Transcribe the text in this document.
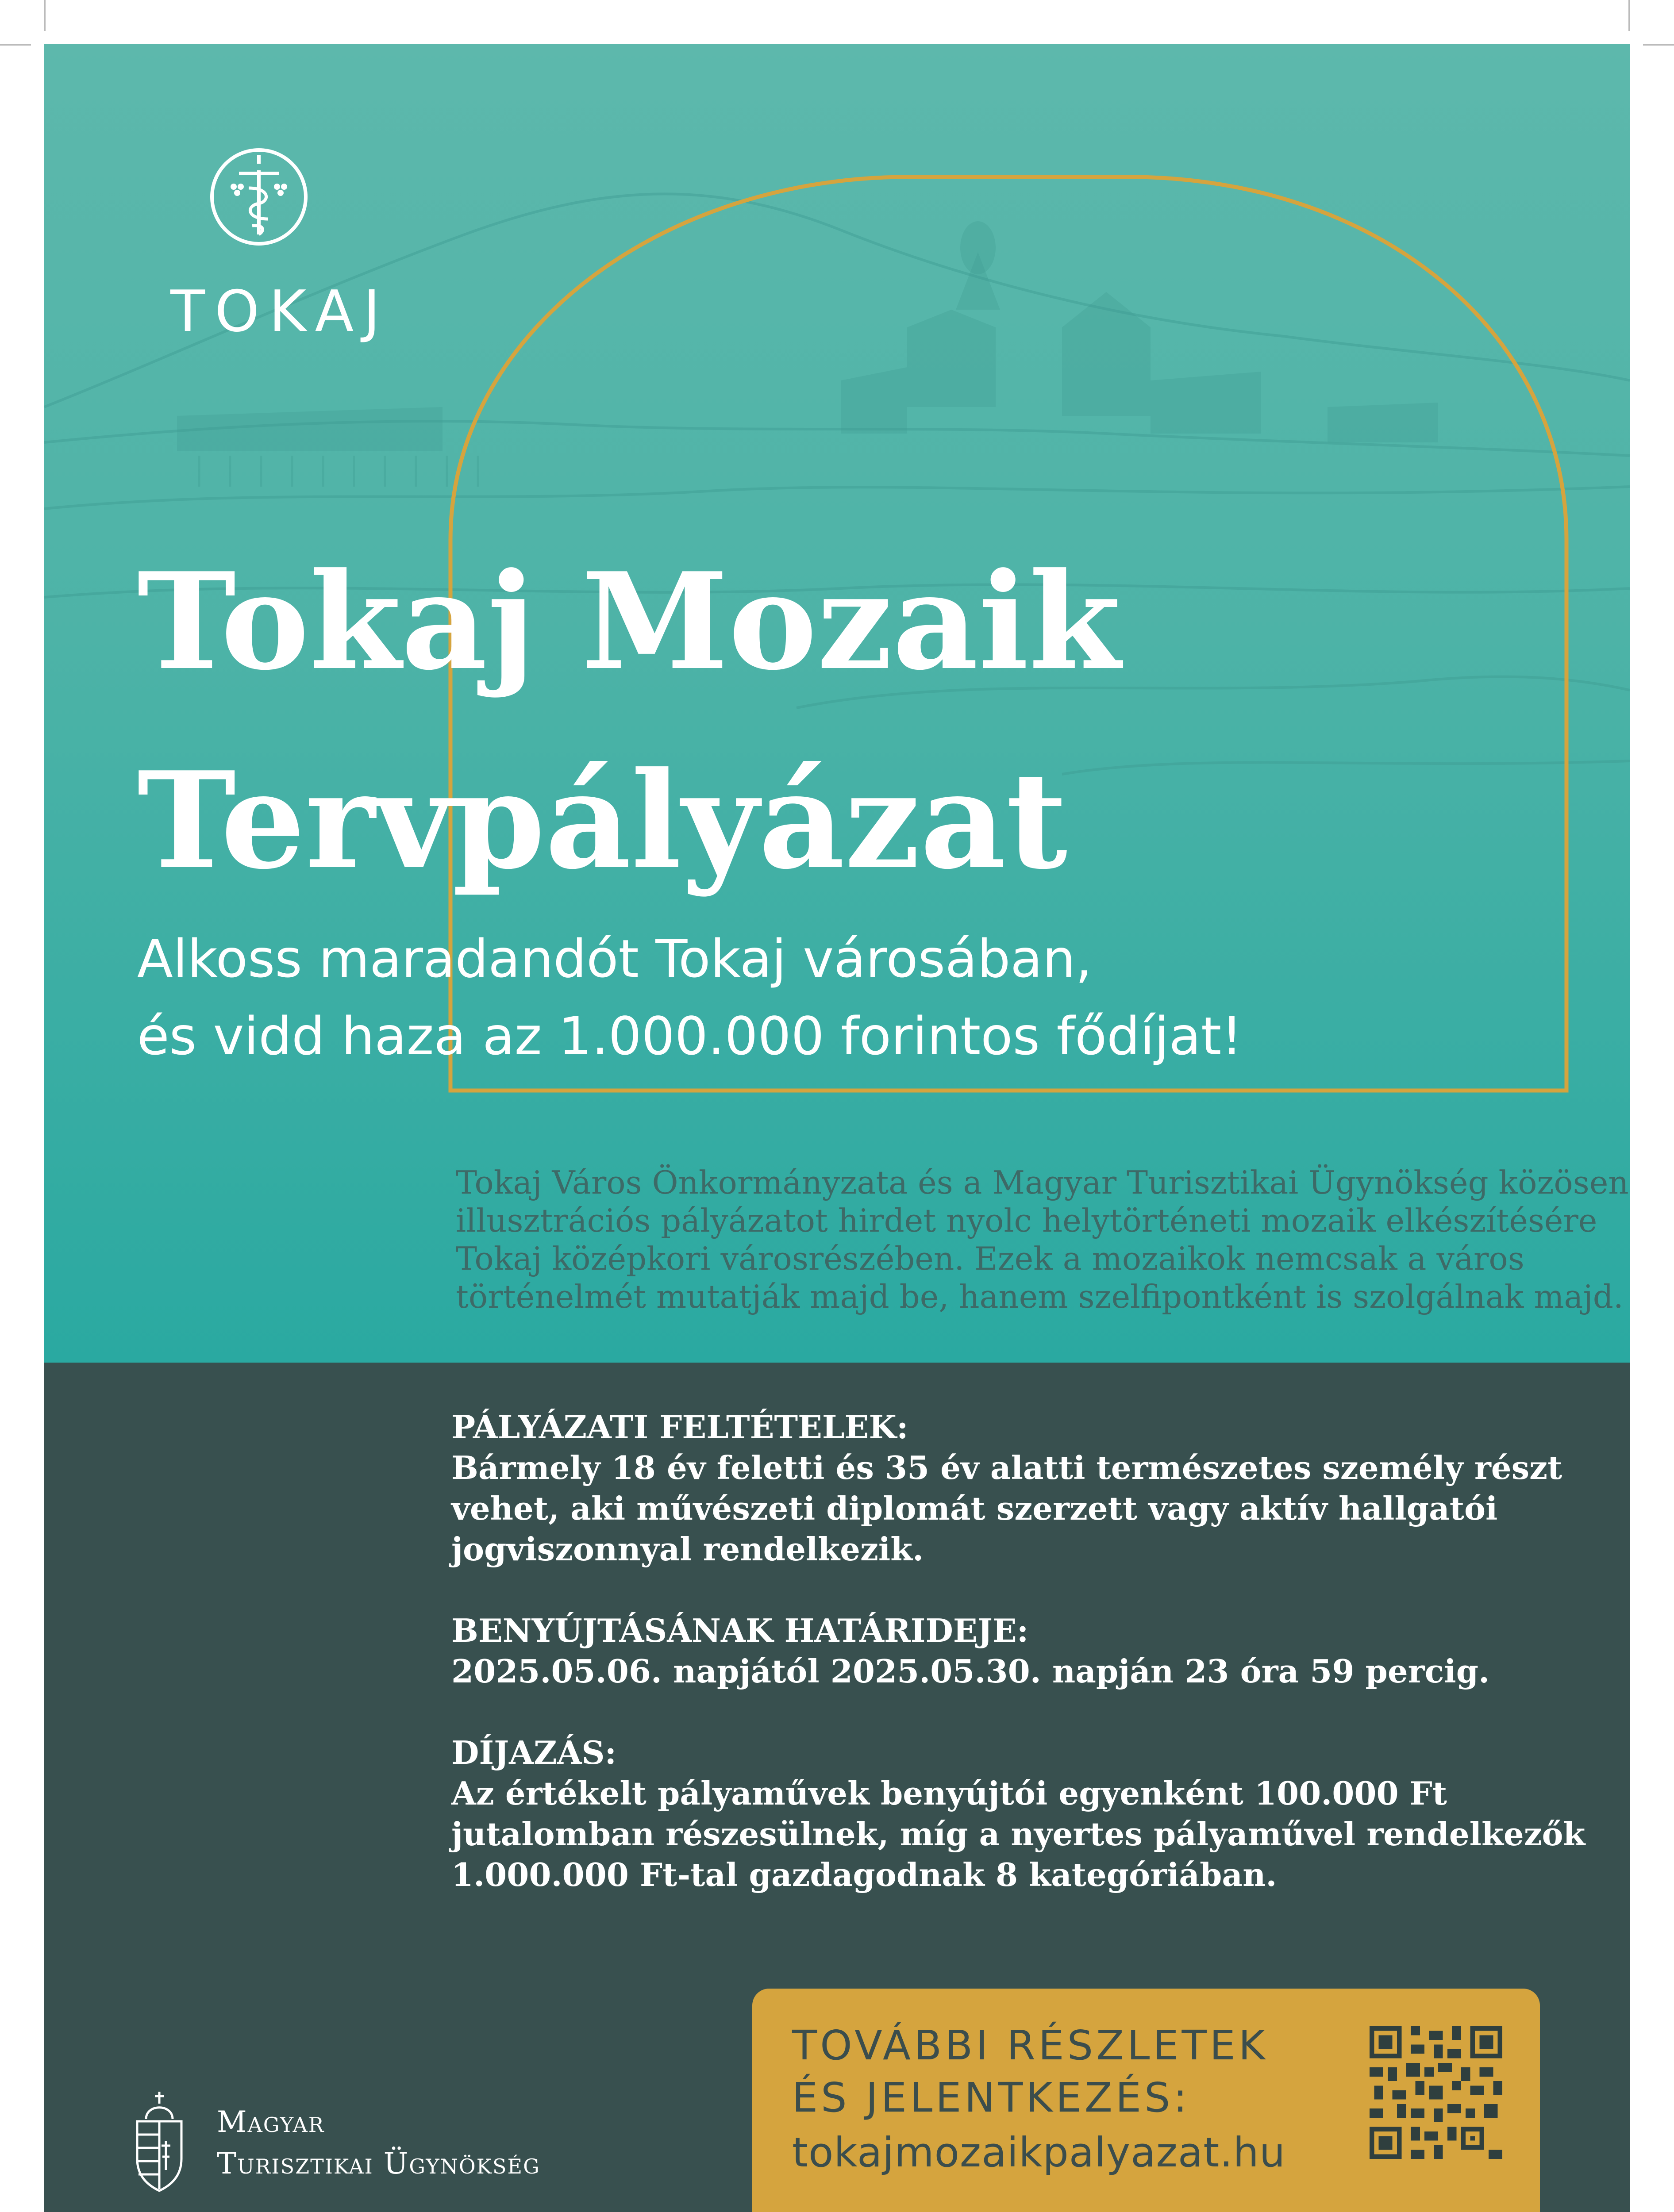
TOKAJ
Tokaj Mozaik
Tervpályázat
Alkoss maradandót Tokaj városában,
és vidd haza az 1.000.000 forintos fődíjat!
Tokaj Város Önkormányzata és a Magyar Turisztikai Ügynökség közösen
illusztrációs pályázatot hirdet nyolc helytörténeti mozaik elkészítésére
Tokaj középkori városrészében. Ezek a mozaikok nemcsak a város
történelmét mutatják majd be, hanem szelfipontként is szolgálnak majd.
PÁLYÁZATI FELTÉTELEK:
Bármely 18 év feletti és 35 év alatti természetes személy részt
vehet, aki művészeti diplomát szerzett vagy aktív hallgatói
jogviszonnyal rendelkezik.
BENYÚJTÁSÁNAK HATÁRIDEJE:
2025.05.06. napjától 2025.05.30. napján 23 óra 59 percig.
DÍJAZÁS:
Az értékelt pályaművek benyújtói egyenként 100.000 Ft
jutalomban részesülnek, míg a nyertes pályaművel rendelkezők
1.000.000 Ft-tal gazdagodnak 8 kategóriában.
Magyar
Turisztikai Ügynökség
TOVÁBBI RÉSZLETEK
ÉS JELENTKEZÉS:
tokajmozaikpalyazat.hu
